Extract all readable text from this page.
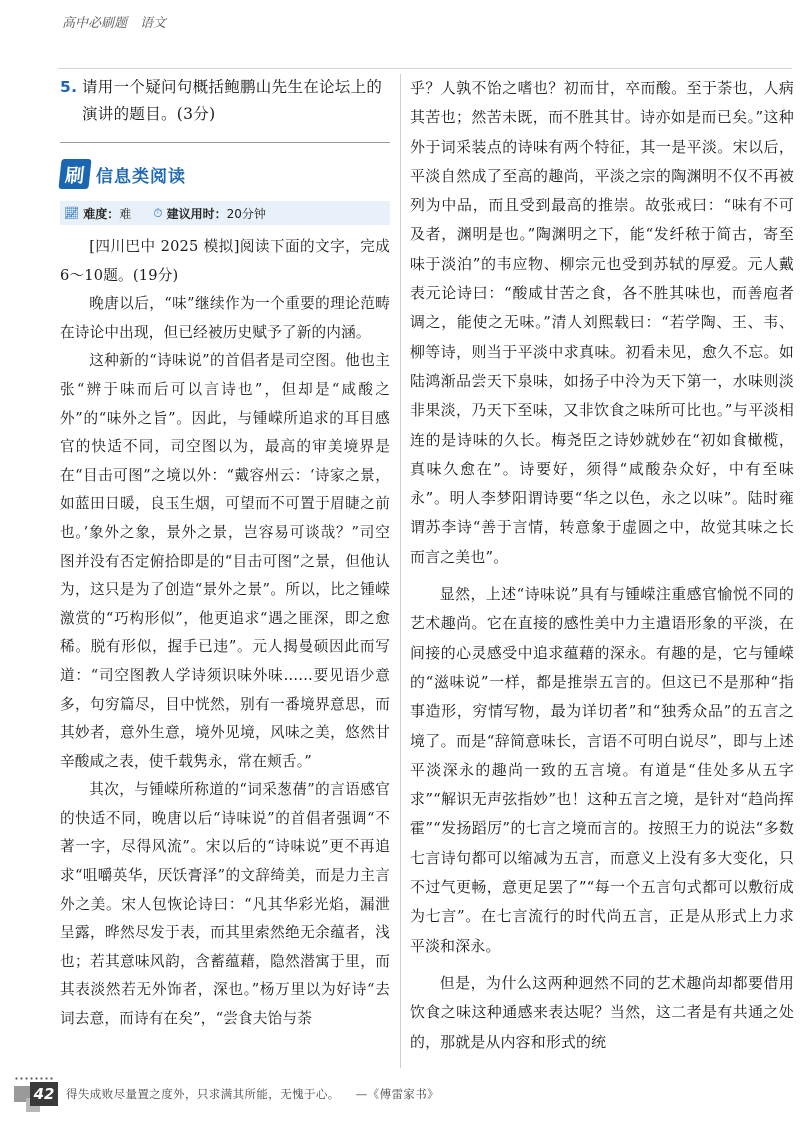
高中必刷题　语文
5. 请用一个疑问句概括鲍鹏山先生在论坛上的演讲的题目。(3分)
刷 信息类阅读
📈︎ 难度： 难 ⏱︎ 建议用时： 20分钟

[四川巴中 2025 模拟]阅读下面的文字，完成6～10题。(19分)

晚唐以后，“味”继续作为一个重要的理论范畴在诗论中出现，但已经被历史赋予了新的内涵。

这种新的“诗味说”的首倡者是司空图。他也主张“辨于味而后可以言诗也”，但却是“咸酸之外”的“味外之旨”。因此，与锺嵘所追求的耳目感官的快适不同，司空图以为，最高的审美境界是在“目击可图”之境以外：“戴容州云：‘诗家之景，如蓝田日暖，良玉生烟，可望而不可置于眉睫之前也。’象外之象，景外之景，岂容易可谈哉？”司空图并没有否定俯拾即是的“目击可图”之景，但他认为，这只是为了创造“景外之景”。所以，比之锺嵘激赏的“巧构形似”，他更追求“遇之匪深，即之愈稀。脱有形似，握手已违”。元人揭曼硕因此而写道：“司空图教人学诗须识味外味……要见语少意多，句穷篇尽，目中恍然，别有一番境界意思，而其妙者，意外生意，境外见境，风味之美，悠然甘辛酸咸之表，使千载隽永，常在颊舌。”

其次，与锺嵘所称道的“词采葱蒨”的言语感官的快适不同，晚唐以后“诗味说”的首倡者强调“不著一字，尽得风流”。宋以后的“诗味说”更不再追求“咀嚼英华，厌饫膏泽”的文辞绮美，而是力主言外之美。宋人包恢论诗曰：“凡其华彩光焰，漏泄呈露，晔然尽发于表，而其里索然绝无余蕴者，浅也；若其意味风韵，含蓄蕴藉，隐然潜寓于里，而其表淡然若无外饰者，深也。”杨万里以为好诗“去词去意，而诗有在矣”，“尝食夫饴与荼

乎？人孰不饴之嗜也？初而甘，卒而酸。至于荼也，人病其苦也；然苦未既，而不胜其甘。诗亦如是而已矣。”这种外于词采装点的诗味有两个特征，其一是平淡。宋以后，平淡自然成了至高的趣尚，平淡之宗的陶渊明不仅不再被列为中品，而且受到最高的推崇。故张戒曰：“味有不可及者，渊明是也。”陶渊明之下，能“发纤秾于简古，寄至味于淡泊”的韦应物、柳宗元也受到苏轼的厚爱。元人戴表元论诗曰：“酸咸甘苦之食，各不胜其味也，而善庖者调之，能使之无味。”清人刘熙载曰：“若学陶、王、韦、柳等诗，则当于平淡中求真味。初看未见，愈久不忘。如陆鸿渐品尝天下泉味，如扬子中泠为天下第一，水味则淡非果淡，乃天下至味，又非饮食之味所可比也。”与平淡相连的是诗味的久长。梅尧臣之诗妙就妙在“初如食橄榄，真味久愈在”。诗要好，须得“咸酸杂众好，中有至味永”。明人李梦阳谓诗要“华之以色，永之以味”。陆时雍谓苏李诗“善于言情，转意象于虚圆之中，故觉其味之长而言之美也”。

显然，上述“诗味说”具有与锺嵘注重感官愉悦不同的艺术趣尚。它在直接的感性美中力主遣语形象的平淡，在间接的心灵感受中追求蕴藉的深永。有趣的是，它与锺嵘的“滋味说”一样，都是推崇五言的。但这已不是那种“指事造形，穷情写物，最为详切者”和“独秀众品”的五言之境了。而是“辞简意味长，言语不可明白说尽”，即与上述平淡深永的趣尚一致的五言境。有道是“佳处多从五字求”“解识无声弦指妙”也！这种五言之境，是针对“趋尚挥霍”“发扬蹈厉”的七言之境而言的。按照王力的说法“多数七言诗句都可以缩减为五言，而意义上没有多大变化，只不过气更畅，意更足罢了”“每一个五言句式都可以敷衍成为七言”。在七言流行的时代尚五言，正是从形式上力求平淡和深永。

但是，为什么这两种迥然不同的艺术趣尚却都要借用饮食之味这种通感来表达呢？当然，这二者是有共通之处的，那就是从内容和形式的统

42	得失成败尽量置之度外，只求满其所能，无愧于心。 —《傅雷家书》
